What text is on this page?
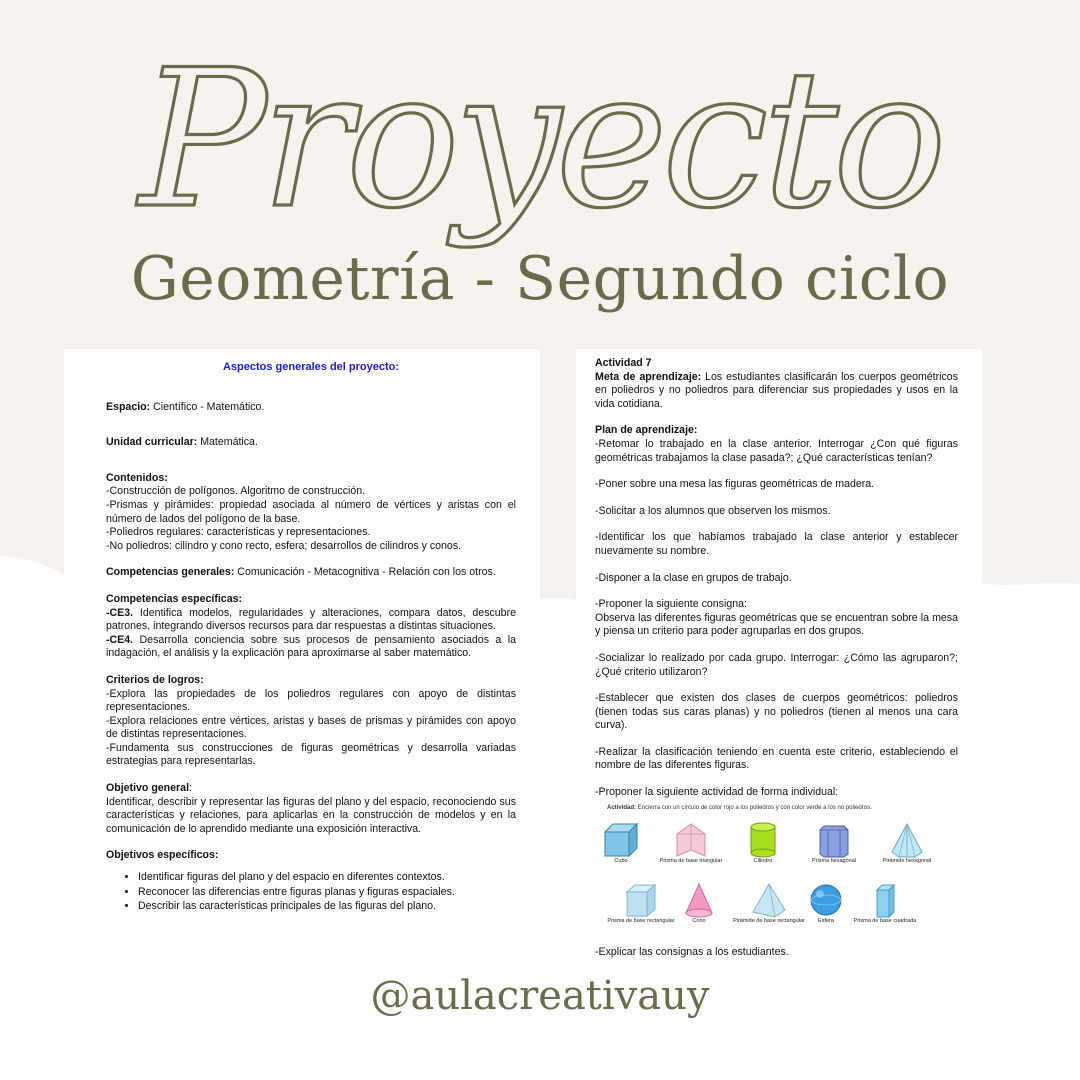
Proyecto
Geometría - Segundo ciclo
Aspectos generales del proyecto:
Espacio: Científico - Matemático.
Unidad curricular: Matemática.

Contenidos:

-Construcción de polígonos. Algoritmo de construcción.

-Prismas y pirámides: propiedad asociada al número de vértices y aristas con el número de lados del polígono de la base.

-Poliedros regulares: características y representaciones.

-No poliedros: cilindro y cono recto, esfera; desarrollos de cilindros y conos.

Competencias generales: Comunicación - Metacognitiva - Relación con los otros.

Competencias específicas:

-CE3. Identifica modelos, regularidades y alteraciones, compara datos, descubre patrones, integrando diversos recursos para dar respuestas a distintas situaciones.

-CE4. Desarrolla conciencia sobre sus procesos de pensamiento asociados a la indagación, el análisis y la explicación para aproximarse al saber matemático.

Criterios de logros:

-Explora las propiedades de los poliedros regulares con apoyo de distintas representaciones.

-Explora relaciones entre vértices, aristas y bases de prismas y pirámides con apoyo de distintas representaciones.

-Fundamenta sus construcciones de figuras geométricas y desarrolla variadas estrategias para representarlas.

Objetivo general:

Identificar, describir y representar las figuras del plano y del espacio, reconociendo sus características y relaciones, para aplicarlas en la construcción de modelos y en la comunicación de lo aprendido mediante una exposición interactiva.

Objetivos específicos:

• Identificar figuras del plano y del espacio en diferentes contextos.
• Reconocer las diferencias entre figuras planas y figuras espaciales.
• Describir las características principales de las figuras del plano.

Actividad 7

Meta de aprendizaje: Los estudiantes clasificarán los cuerpos geométricos en poliedros y no poliedros para diferenciar sus propiedades y usos en la vida cotidiana.

Plan de aprendizaje:

-Retomar lo trabajado en la clase anterior. Interrogar ¿Con qué figuras geométricas trabajamos la clase pasada?; ¿Qué características tenían?

-Poner sobre una mesa las figuras geométricas de madera.
-Solicitar a los alumnos que observen los mismos.
-Identificar los que habíamos trabajado la clase anterior y establecer nuevamente su nombre.
-Disponer a la clase en grupos de trabajo.

-Proponer la siguiente consigna:

Observa las diferentes figuras geométricas que se encuentran sobre la mesa y piensa un criterio para poder agruparlas en dos grupos.

-Socializar lo realizado por cada grupo. Interrogar: ¿Cómo las agruparon?; ¿Qué criterio utilizaron?
-Establecer que existen dos clases de cuerpos geométricos: poliedros (tienen todas sus caras planas) y no poliedros (tienen al menos una cara curva).
-Realizar la clasificación teniendo en cuenta este criterio, estableciendo el nombre de las diferentes figuras.
-Proponer la siguiente actividad de forma individual:
Actividad: Encierra con un círculo de color rojo a los poliedros y con color verde a los no poliedros.
Cubo	Prisma de base triangular	Cilindro	Prisma hexagonal	Pirámide hexagonal
Prisma de base rectangular	Cono	Pirámide de base rectangular	Esfera	Prisma de base cuadrada
-Explicar las consignas a los estudiantes.
@aulacreativauy
